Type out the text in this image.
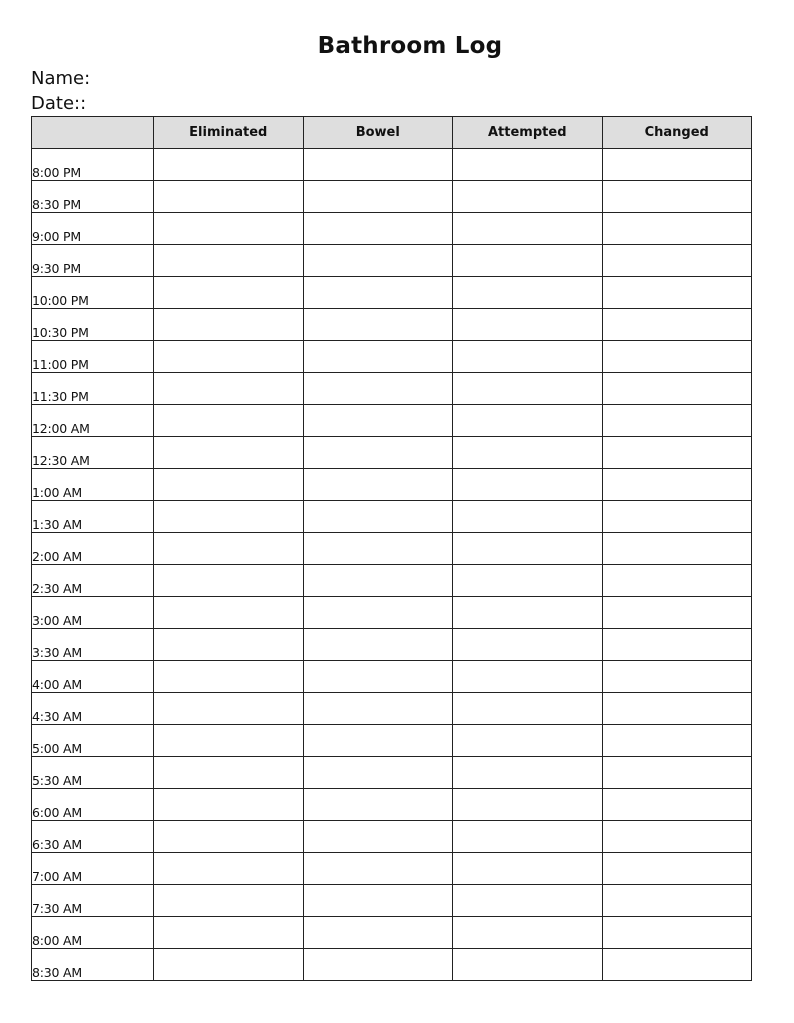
Bathroom Log
Name:
Date::
	Eliminated	Bowel	Attempted	Changed
8:00 PM				
8:30 PM				
9:00 PM				
9:30 PM				
10:00 PM				
10:30 PM				
11:00 PM				
11:30 PM				
12:00 AM				
12:30 AM				
1:00 AM				
1:30 AM				
2:00 AM				
2:30 AM				
3:00 AM				
3:30 AM				
4:00 AM				
4:30 AM				
5:00 AM				
5:30 AM				
6:00 AM				
6:30 AM				
7:00 AM				
7:30 AM				
8:00 AM				
8:30 AM				
